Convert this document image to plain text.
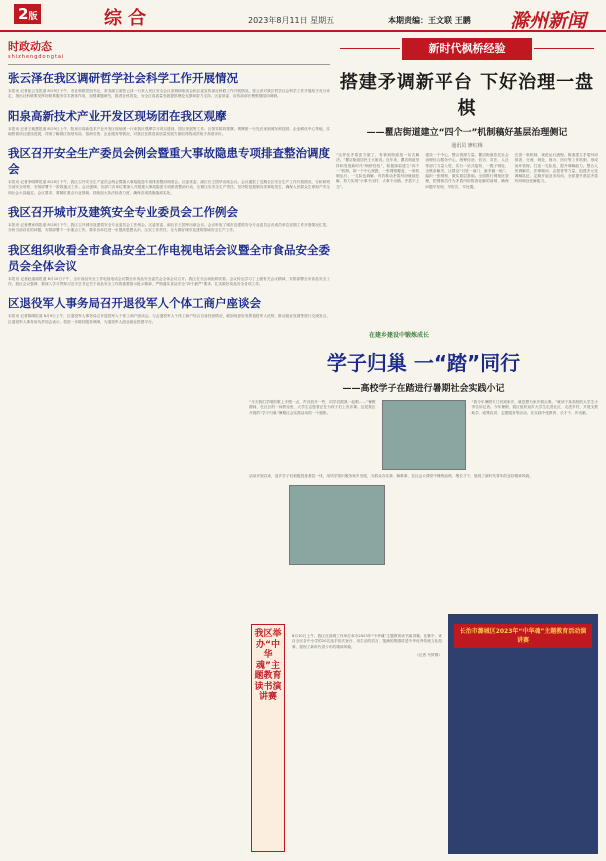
2版	综合	2023年8月11日 星期五	本期责编：王文联 王鹏 滁州新闻
时政动态
shizhengdongtai
张云泽在我区调研哲学社会科学工作开展情况
本报讯 记者崔云龙报道 8月9日下午，市社科联党组书记、常务副主席张云泽一行来人民区安全会议室调研座谈会和区委宣传部社科联工作开展情况。张云泽对我区哲学社会科学工作开展给予充分肯定，指出社科联要发挥好联系服务学术团体作用，加强课题研究，推进社科普及，为全区高质量发展提供理论支撑和智力支持。区委常委、宣传部部长曹维强陪同调研。
阳泉高新技术产业开发区现场团在我区观摩
本报讯 记者王雅慧报道 8月9日上午，阳泉市高新技术产业开发区现场团一行来我区观摩学习项目建设、园区发展等工作。区领导陪同观摩。观摩团一行先后来到城东科技园、企业孵化中心等地，实地察看项目建设进展，详细了解园区规划布局、招商引资、企业服务等情况，对我区在推进高质量发展方面取得的成效给予高度评价。
我区召开安全生产委员会例会暨重大事故隐患专项排查整治调度会
本报讯 记者李明辉报道 8月8日下午，我区召开安全生产委员会例会暨重大事故隐患专项排查整治调度会。区委常委、副区长王国华出席会议。会议通报了近期全区安全生产工作开展情况，分析研判当前安全形势，安排部署下一阶段重点工作。会议强调，各部门各单位要深入开展重大事故隐患专项排查整治行动，压紧压实安全生产责任，坚决防范遏制各类事故发生，确保人民群众生命财产安全和社会大局稳定。会议要求，要紧盯重点行业领域，持续加大执法检查力度，确保各项措施落到实处。
我区召开城市及建筑安全专业委员会工作例会
本报讯 记者曹家琪报道 8月8日下午，我区召开城市及建筑安全专业委员会工作例会。区委常委、副区长王国华出席会议。会议听取了城市及建筑安全专业委员会各成员单位近期工作开展情况汇报，分析当前存在的问题，安排部署下一步重点工作，要求各单位进一步提高思想认识，压实工作责任，全力做好城市及建筑领域安全生产工作。
我区组织收看全市食品安全工作电视电话会议暨全市食品安全委员会全体会议
本报讯 记者赵丽丽报道 8月10日下午，全市食品安全工作电视电话会议暨全市食品安全委员会全体会议召开。我区在分会场组织收看。会议传达学习了上级有关会议精神，安排部署全市食品安全工作。我区会议强调，要深入学习贯彻习近平总书记关于食品安全工作的重要指示批示精神，严格落实食品安全“四个最严”要求，扎实做好食品安全各项工作。
区退役军人事务局召开退役军人个体工商户座谈会
本报讯 记者陈晴报道 8月9日上午，区退役军人事务局召开退役军人个体工商户座谈会。与会退役军人个体工商户结合自身经营情况，就如何更好发挥退役军人优势、推动创业发展等进行交流发言。区退役军人事务局负责同志表示，将进一步做好服务保障，为退役军人创业就业搭建平台。
新时代枫桥经验
搭建矛调新平台 下好治理一盘棋
——瞿店街道建立“四个一”机制稿好基层治理侧记
通讯员 廖红梅
“这样化矛盾更方便了，有事到街道找一站式解决。”瞿店街道居民王大姐说。近年来，瞿店街道坚持和发展新时代“枫桥经验”，积极探索建立“四个一”机制，即一个中心统揽、一张网格覆盖、一套机制运行、一支队伍调解，有效推动矛盾纠纷就地化解，努力实现“小事不出村、大事不出镇、矛盾不上交”。
建设一个中心，整合资源力量。瞿店街道依托社会治理综合服务中心，统筹综治、信访、司法、人社等部门力量入驻，实行一站式接待、一揽子调处、全链条解决，让群众“只进一扇门、最多跑一地”。编织一张网格，做实基层基础。全面推行网格化管理，把网格员作为矛盾纠纷排查化解的前哨，确保问题早发现、早报告、早处置。
完善一套机制，规范运行流程。街道建立矛盾纠纷排查、分流、调处、督办、回访等工作机制，形成闭环管理。打造一支队伍，提升调解能力。整合人民调解员、法律顾问、志愿者等力量，组建多元化调解队伍，定期开展业务培训，全面提升基层矛盾纠纷调处化解能力。
在建乡建设中锻炼成长
学子归巢 一“踏”同行
——高校学子在踏进行暑期社会实践小记
“今天我们学唱的歌上手慢一点，声音放开一些，同学们跟我一起唱……”暑假期间，在社区的一间教室里，大学生志愿者正在为孩子们上音乐课。这是我区开展的“学子归巢”暑期社会实践活动的一个缩影。
“我今年暑假专门回到家乡，就是想为家乡做点事。”就读于某高校的大学生小李告诉记者。今年暑假，我区组织返乡大学生走进社区、走进乡村，开展支教助学、政策宣讲、志愿服务等活动，在实践中受教育、长才干、作贡献。
活动开展以来，返乡学子们积极投身基层一线，用所学知识服务家乡发展，为群众办实事、解难事，在社会大课堂中锤炼品格、增长才干，展现了新时代青年的良好精神风貌。
我区举办“中华魂”主题教育读书演讲赛
8月10日上午，我区在滨城工作单位举办2023年“中华魂”主题教育读书演讲赛。比赛中，来自全区各中小学的20名选手依次登台，用生动的语言、饱满的情感讲述中华优秀传统文化故事，展现了新时代青少年的精神风貌。
（记者 马梦静）
长治市潞城区2023年“中华魂”主题教育活动演讲赛
